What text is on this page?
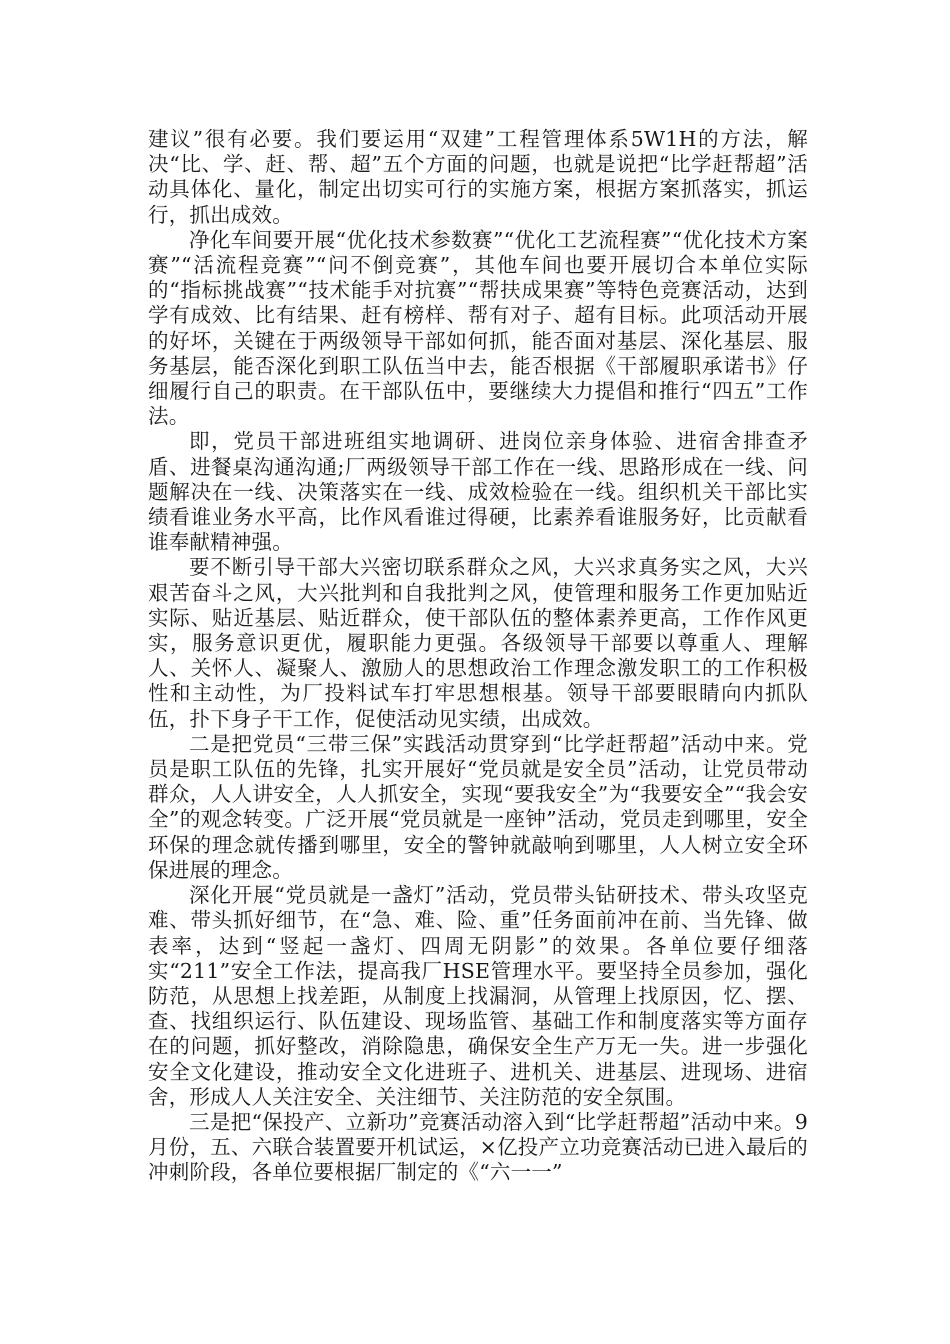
建议”很有必要。我们要运用“双建”工程管理体系5W1H的方法，解决“比、学、赶、帮、超”五个方面的问题，也就是说把“比学赶帮超”活动具体化、量化，制定出切实可行的实施方案，根据方案抓落实，抓运行，抓出成效。

净化车间要开展“优化技术参数赛”“优化工艺流程赛”“优化技术方案赛”“活流程竞赛”“问不倒竞赛”，其他车间也要开展切合本单位实际的“指标挑战赛”“技术能手对抗赛”“帮扶成果赛”等特色竞赛活动，达到学有成效、比有结果、赶有榜样、帮有对子、超有目标。此项活动开展的好坏，关键在于两级领导干部如何抓，能否面对基层、深化基层、服务基层，能否深化到职工队伍当中去，能否根据《干部履职承诺书》仔细履行自己的职责。在干部队伍中，要继续大力提倡和推行“四五”工作法。

即，党员干部进班组实地调研、进岗位亲身体验、进宿舍排查矛盾、进餐桌沟通沟通;厂两级领导干部工作在一线、思路形成在一线、问题解决在一线、决策落实在一线、成效检验在一线。组织机关干部比实绩看谁业务水平高，比作风看谁过得硬，比素养看谁服务好，比贡献看谁奉献精神强。

要不断引导干部大兴密切联系群众之风，大兴求真务实之风，大兴艰苦奋斗之风，大兴批判和自我批判之风，使管理和服务工作更加贴近实际、贴近基层、贴近群众，使干部队伍的整体素养更高，工作作风更实，服务意识更优，履职能力更强。各级领导干部要以尊重人、理解人、关怀人、凝聚人、激励人的思想政治工作理念激发职工的工作积极性和主动性，为厂投料试车打牢思想根基。领导干部要眼睛向内抓队伍，扑下身子干工作，促使活动见实绩，出成效。

二是把党员“三带三保”实践活动贯穿到“比学赶帮超”活动中来。党员是职工队伍的先锋，扎实开展好“党员就是安全员”活动，让党员带动群众，人人讲安全，人人抓安全，实现“要我安全”为“我要安全”“我会安全”的观念转变。广泛开展“党员就是一座钟”活动，党员走到哪里，安全环保的理念就传播到哪里，安全的警钟就敲响到哪里，人人树立安全环保进展的理念。

深化开展“党员就是一盏灯”活动，党员带头钻研技术、带头攻坚克难、带头抓好细节，在“急、难、险、重”任务面前冲在前、当先锋、做表率，达到“竖起一盏灯、四周无阴影”的效果。各单位要仔细落实“211”安全工作法，提高我厂HSE管理水平。要坚持全员参加，强化防范，从思想上找差距，从制度上找漏洞，从管理上找原因，忆、摆、查、找组织运行、队伍建设、现场监管、基础工作和制度落实等方面存在的问题，抓好整改，消除隐患，确保安全生产万无一失。进一步强化安全文化建设，推动安全文化进班子、进机关、进基层、进现场、进宿舍，形成人人关注安全、关注细节、关注防范的安全氛围。

三是把“保投产、立新功”竞赛活动溶入到“比学赶帮超”活动中来。9月份，五、六联合装置要开机试运，×亿投产立功竞赛活动已进入最后的冲刺阶段，各单位要根据厂制定的《“六一一”
